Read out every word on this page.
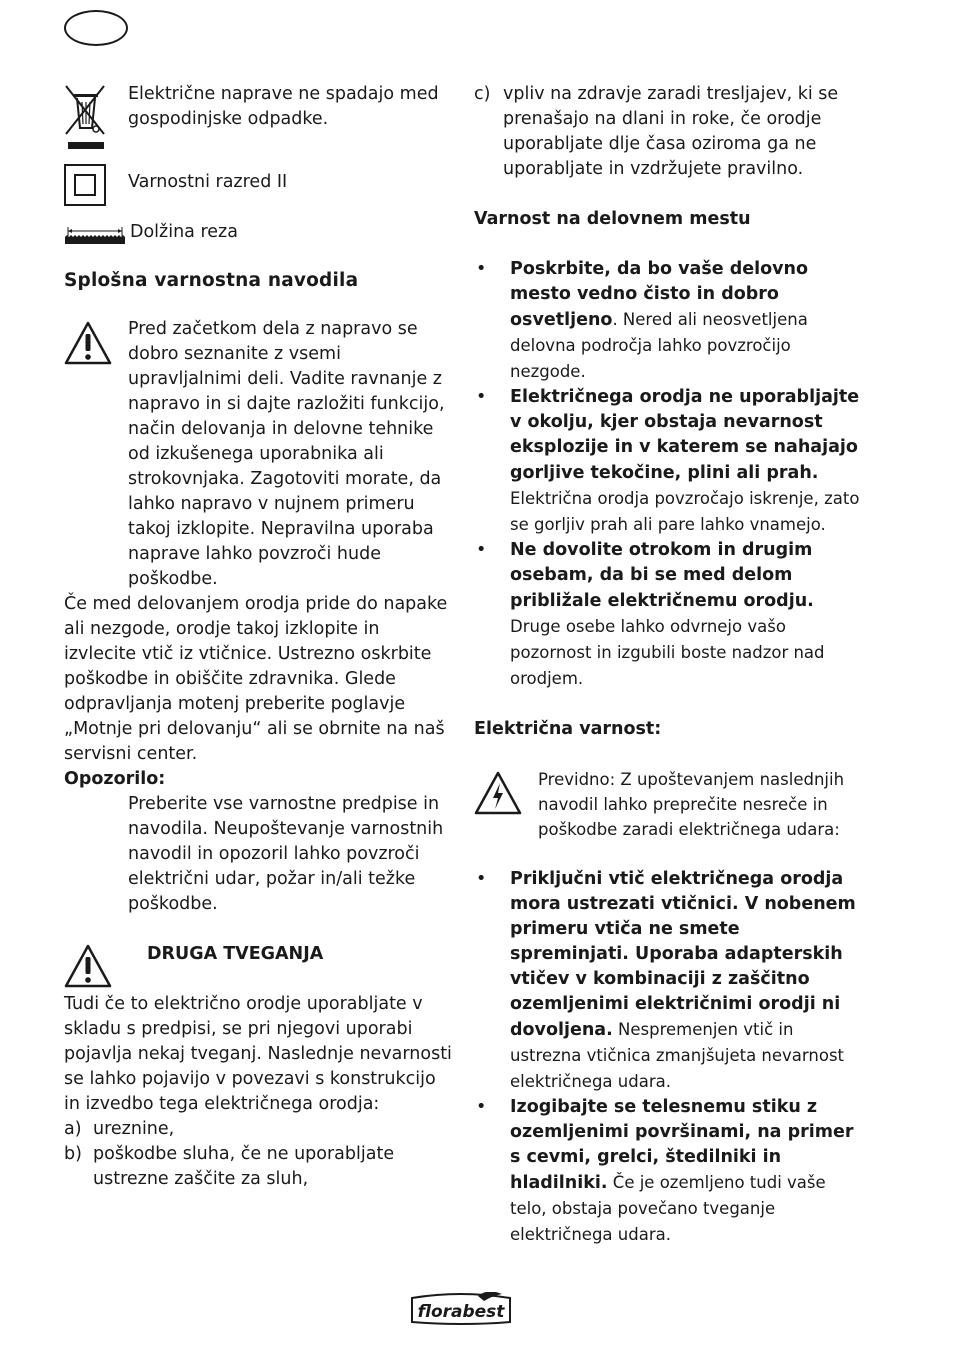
Električne naprave ne spadajo med gospodinjske odpadke.

Varnostni razred II

Dolžina reza

Splošna varnostna navodila

Pred začetkom dela z napravo se dobro seznanite z vsemi upravljalnimi deli. Vadite ravnanje z napravo in si dajte razložiti funkcijo, način delovanja in delovne tehnike od izkušenega uporabnika ali strokovnjaka. Zagotoviti morate, da lahko napravo v nujnem primeru takoj izklopite. Nepravilna uporaba naprave lahko povzroči hude poškodbe.

Če med delovanjem orodja pride do napake ali nezgode, orodje takoj izklopite in izvlecite vtič iz vtičnice. Ustrezno oskrbite poškodbe in obiščite zdravnika. Glede odpravljanja motenj preberite poglavje „Motnje pri delovanju“ ali se obrnite na naš servisni center.

Opozorilo:

Preberite vse varnostne predpise in navodila. Neupoštevanje varnostnih navodil in opozoril lahko povzroči električni udar, požar in/ali težke poškodbe.

DRUGA TVEGANJA

Tudi če to električno orodje uporabljate v skladu s predpisi, se pri njegovi uporabi pojavlja nekaj tveganj. Naslednje nevarnosti se lahko pojavijo v povezavi s konstrukcijo in izvedbo tega električnega orodja:

a) ureznine,
b) poškodbe sluha, če ne uporabljate ustrezne zaščite za sluh,
c) vpliv na zdravje zaradi tresljajev, ki se prenašajo na dlani in roke, če orodje uporabljate dlje časa oziroma ga ne uporabljate in vzdržujete pravilno.

Varnost na delovnem mestu

• Poskrbite, da bo vaše delovno mesto vedno čisto in dobro osvetljeno. Nered ali neosvetljena delovna področja lahko povzročijo nezgode.
• Električnega orodja ne uporabljajte v okolju, kjer obstaja nevarnost eksplozije in v katerem se nahajajo gorljive tekočine, plini ali prah. Električna orodja povzročajo iskrenje, zato se gorljiv prah ali pare lahko vnamejo.
• Ne dovolite otrokom in drugim osebam, da bi se med delom približale električnemu orodju. Druge osebe lahko odvrnejo vašo pozornost in izgubili boste nadzor nad orodjem.

Električna varnost:

Previdno: Z upoštevanjem naslednjih navodil lahko preprečite nesreče in poškodbe zaradi električnega udara:

• Priključni vtič električnega orodja mora ustrezati vtičnici. V nobenem primeru vtiča ne smete spreminjati. Uporaba adapterskih vtičev v kombinaciji z zaščitno ozemljenimi električnimi orodji ni dovoljena. Nespremenjen vtič in ustrezna vtičnica zmanjšujeta nevarnost električnega udara.
• Izogibajte se telesnemu stiku z ozemljenimi površinami, na primer s cevmi, grelci, štedilniki in hladilniki. Če je ozemljeno tudi vaše telo, obstaja povečano tveganje električnega udara.
florabest
